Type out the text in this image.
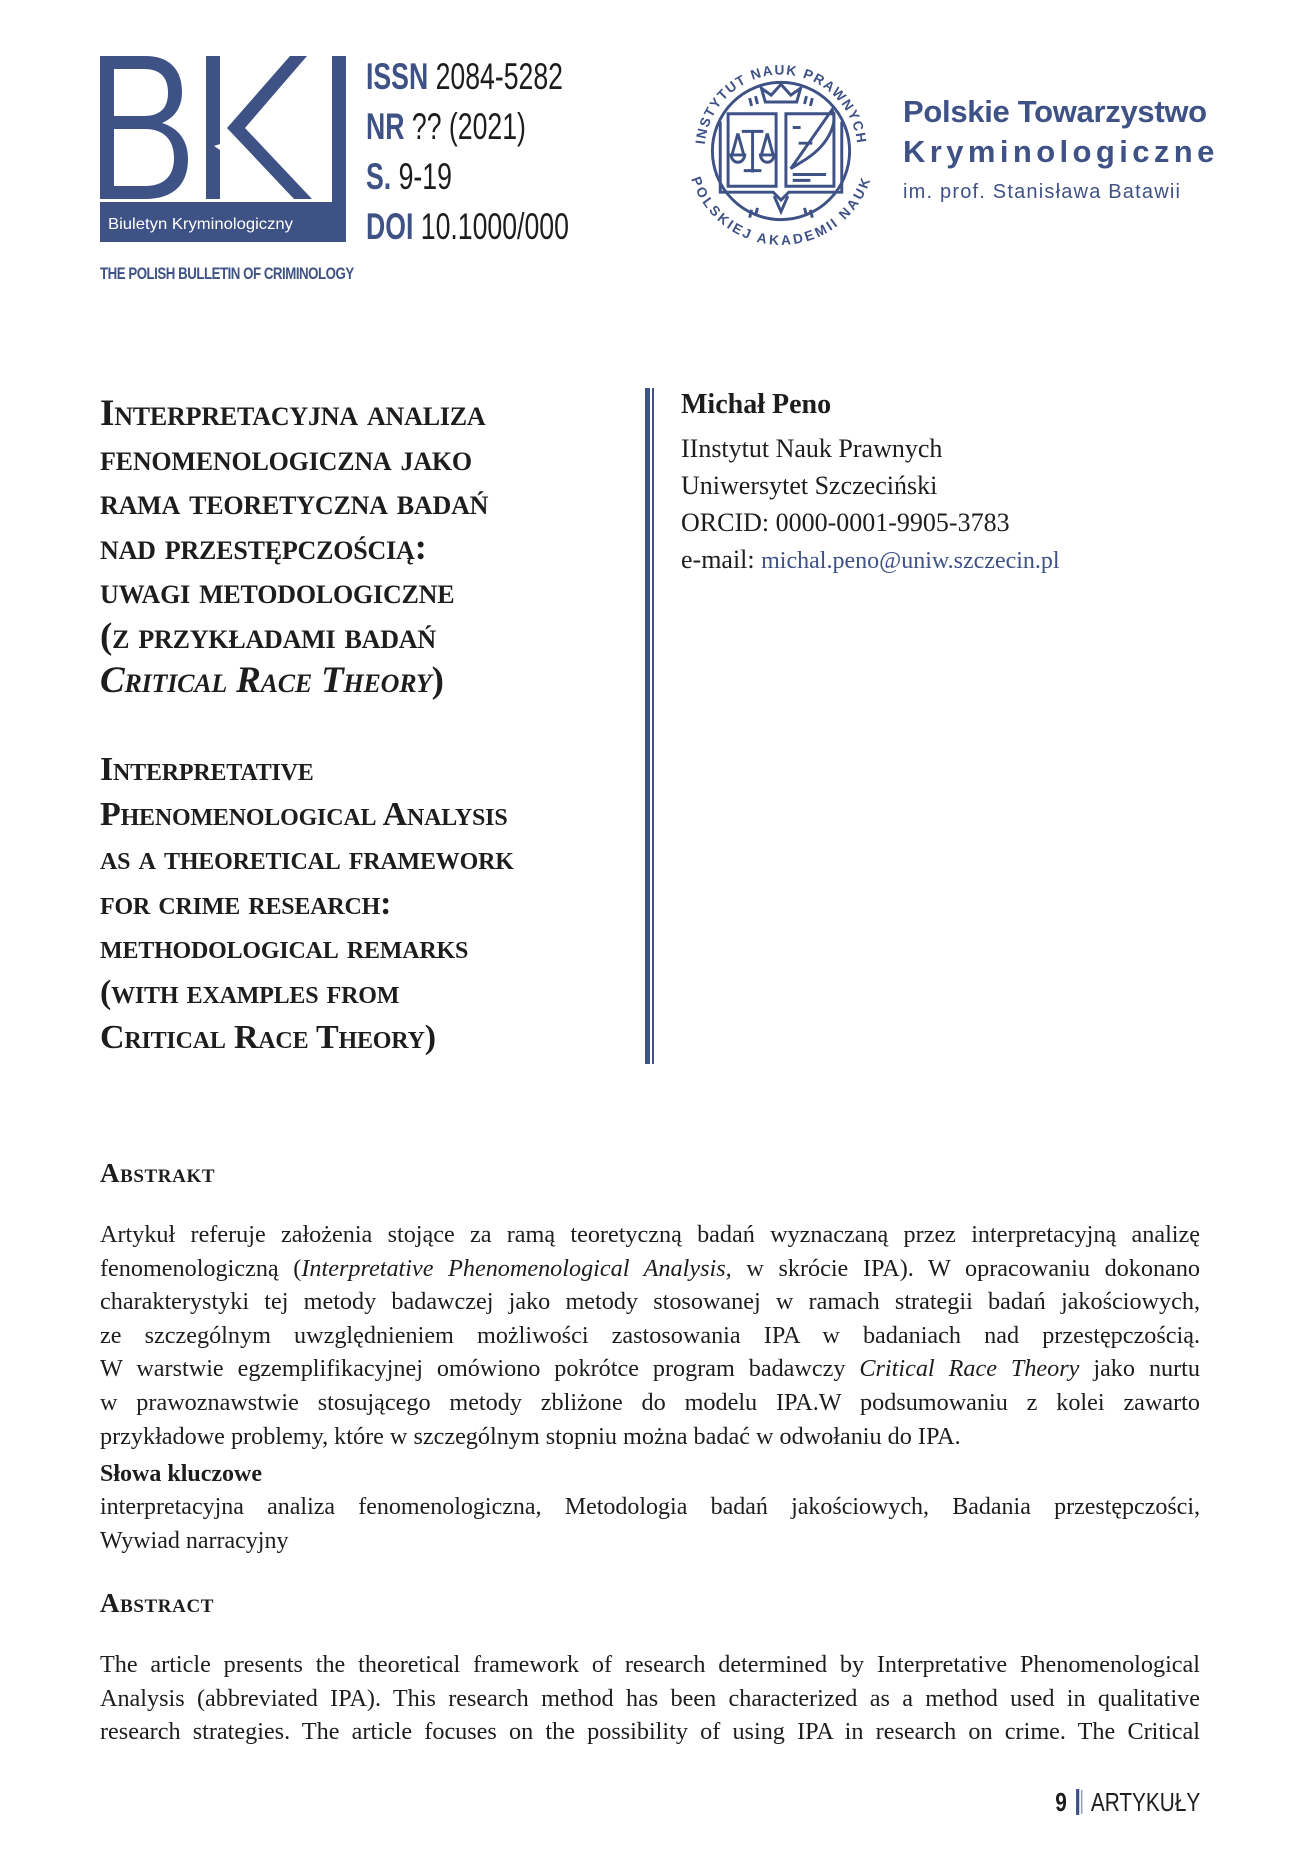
Biuletyn Kryminologiczny
THE POLISH BULLETIN OF CRIMINOLOGY
ISSN 2084-5282
NR ?? (2021)
S. 9-19
DOI 10.1000/000
INSTYTUT NAUK PRAWNYCH
POLSKIEJ AKADEMII NAUK
Polskie Towarzystwo
Kryminologiczne
im. prof. Stanisława Batawii
Interpretacyjna analiza
fenomenologiczna jako
rama teoretyczna badań
nad przestępczością:
uwagi metodologiczne
(z przykładami badań
Critical Race Theory)
Interpretative
Phenomenological Analysis
as a theoretical framework
for crime research:
methodological remarks
(with examples from
Critical Race Theory)
Michał Peno
IInstytut Nauk Prawnych
Uniwersytet Szczeciński
ORCID: 0000-0001-9905-3783
e-mail: michal.peno@uniw.szczecin.pl
Abstrakt
Artykuł referuje założenia stojące za ramą teoretyczną badań wyznaczaną przez interpretacyjną analizę
fenomenologiczną (Interpretative Phenomenological Analysis, w skrócie IPA). W opracowaniu dokonano
charakterystyki tej metody badawczej jako metody stosowanej w ramach strategii badań jakościowych,
ze szczególnym uwzględnieniem możliwości zastosowania IPA w badaniach nad przestępczością.
W warstwie egzemplifikacyjnej omówiono pokrótce program badawczy Critical Race Theory jako nurtu
w prawoznawstwie stosującego metody zbliżone do modelu IPA.W podsumowaniu z kolei zawarto
przykładowe problemy, które w szczególnym stopniu można badać w odwołaniu do IPA.
Słowa kluczowe
interpretacyjna analiza fenomenologiczna, Metodologia badań jakościowych, Badania przestępczości,
Wywiad narracyjny
Abstract
The article presents the theoretical framework of research determined by Interpretative Phenomenological
Analysis (abbreviated IPA). This research method has been characterized as a method used in qualitative
research strategies. The article focuses on the possibility of using IPA in research on crime. The Critical
9 ARTYKUŁY
